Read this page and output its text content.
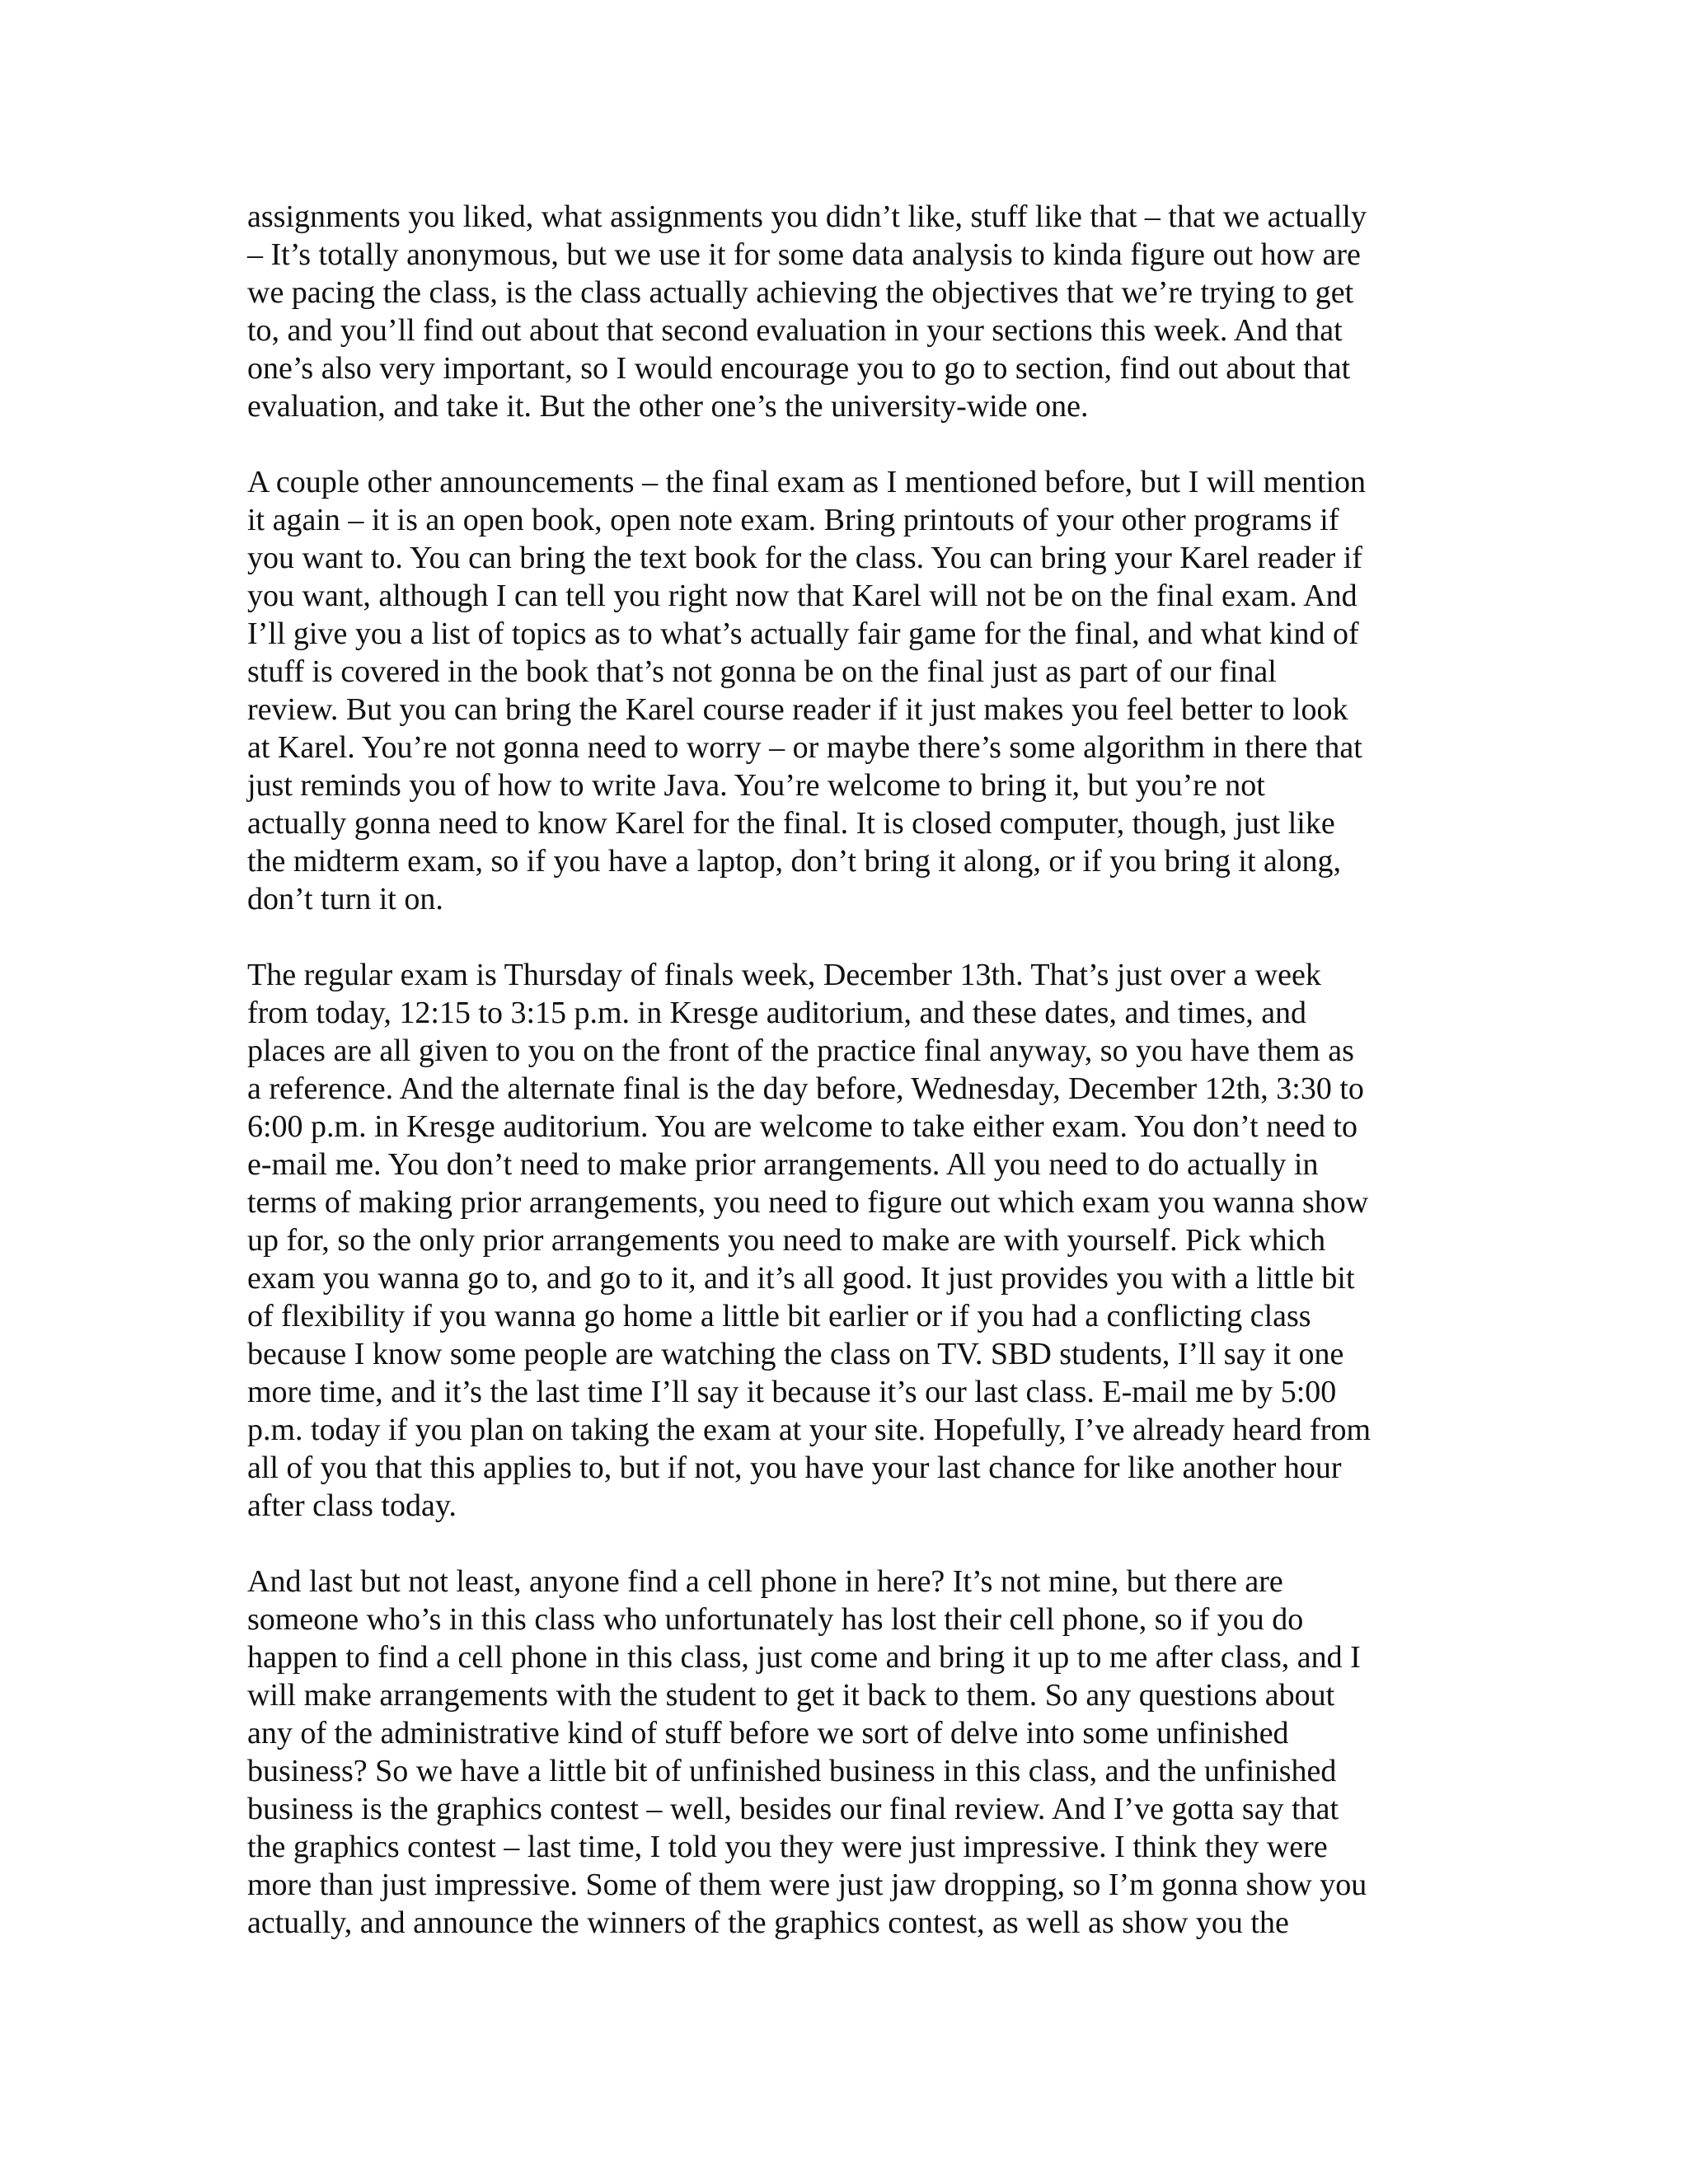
assignments you liked, what assignments you didn’t like, stuff like that – that we actually
– It’s totally anonymous, but we use it for some data analysis to kinda figure out how are
we pacing the class, is the class actually achieving the objectives that we’re trying to get
to, and you’ll find out about that second evaluation in your sections this week. And that
one’s also very important, so I would encourage you to go to section, find out about that
evaluation, and take it. But the other one’s the university-wide one.
A couple other announcements – the final exam as I mentioned before, but I will mention
it again – it is an open book, open note exam. Bring printouts of your other programs if
you want to. You can bring the text book for the class. You can bring your Karel reader if
you want, although I can tell you right now that Karel will not be on the final exam. And
I’ll give you a list of topics as to what’s actually fair game for the final, and what kind of
stuff is covered in the book that’s not gonna be on the final just as part of our final
review. But you can bring the Karel course reader if it just makes you feel better to look
at Karel. You’re not gonna need to worry – or maybe there’s some algorithm in there that
just reminds you of how to write Java. You’re welcome to bring it, but you’re not
actually gonna need to know Karel for the final. It is closed computer, though, just like
the midterm exam, so if you have a laptop, don’t bring it along, or if you bring it along,
don’t turn it on.
The regular exam is Thursday of finals week, December 13th. That’s just over a week
from today, 12:15 to 3:15 p.m. in Kresge auditorium, and these dates, and times, and
places are all given to you on the front of the practice final anyway, so you have them as
a reference. And the alternate final is the day before, Wednesday, December 12th, 3:30 to
6:00 p.m. in Kresge auditorium. You are welcome to take either exam. You don’t need to
e-mail me. You don’t need to make prior arrangements. All you need to do actually in
terms of making prior arrangements, you need to figure out which exam you wanna show
up for, so the only prior arrangements you need to make are with yourself. Pick which
exam you wanna go to, and go to it, and it’s all good. It just provides you with a little bit
of flexibility if you wanna go home a little bit earlier or if you had a conflicting class
because I know some people are watching the class on TV. SBD students, I’ll say it one
more time, and it’s the last time I’ll say it because it’s our last class. E-mail me by 5:00
p.m. today if you plan on taking the exam at your site. Hopefully, I’ve already heard from
all of you that this applies to, but if not, you have your last chance for like another hour
after class today.
And last but not least, anyone find a cell phone in here? It’s not mine, but there are
someone who’s in this class who unfortunately has lost their cell phone, so if you do
happen to find a cell phone in this class, just come and bring it up to me after class, and I
will make arrangements with the student to get it back to them. So any questions about
any of the administrative kind of stuff before we sort of delve into some unfinished
business? So we have a little bit of unfinished business in this class, and the unfinished
business is the graphics contest – well, besides our final review. And I’ve gotta say that
the graphics contest – last time, I told you they were just impressive. I think they were
more than just impressive. Some of them were just jaw dropping, so I’m gonna show you
actually, and announce the winners of the graphics contest, as well as show you the
